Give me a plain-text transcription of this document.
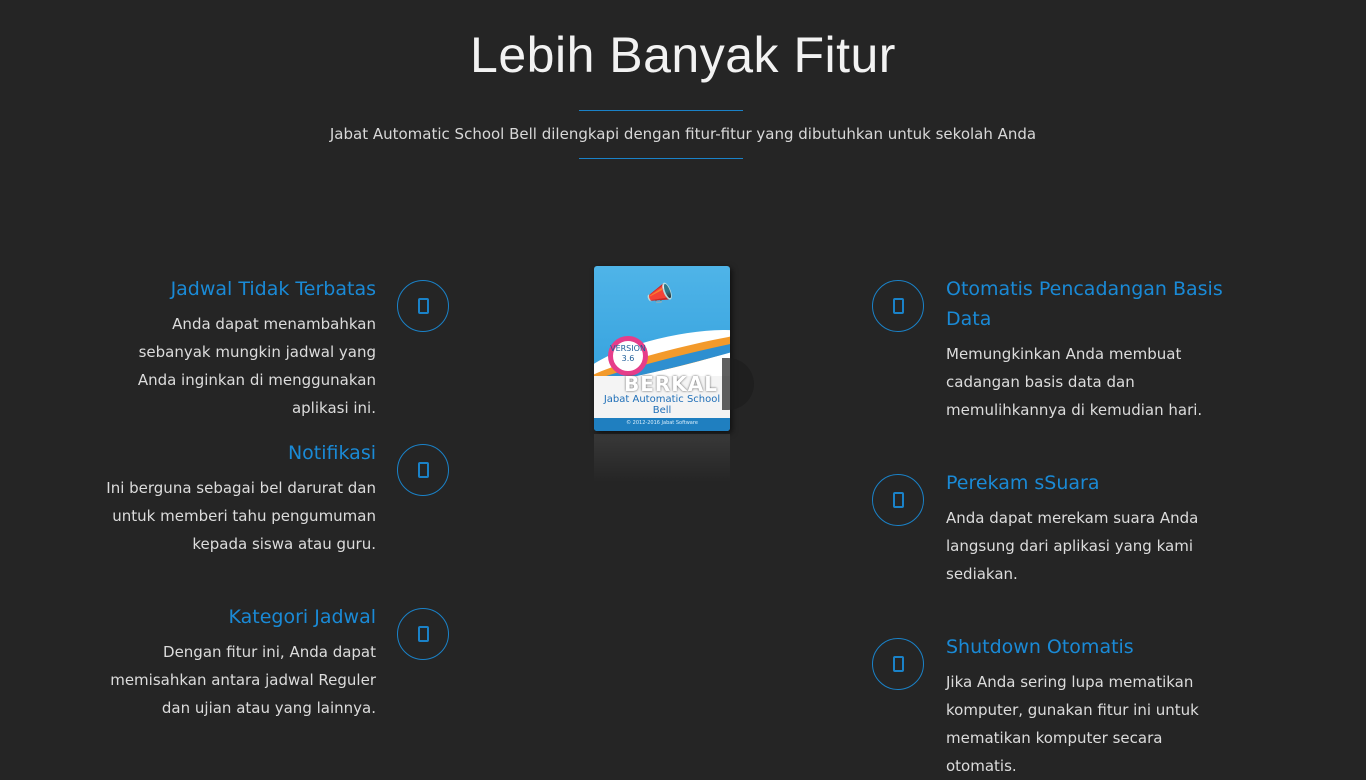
Lebih Banyak Fitur

Jabat Automatic School Bell dilengkapi dengan fitur-fitur yang dibutuhkan untuk sekolah Anda

Jadwal Tidak Terbatas

Anda dapat menambahkan sebanyak mungkin jadwal yang Anda inginkan di menggunakan aplikasi ini.

Notifikasi

Ini berguna sebagai bel darurat dan untuk memberi tahu pengumuman kepada siswa atau guru.

Kategori Jadwal

Dengan fitur ini, Anda dapat memisahkan antara jadwal Reguler dan ujian atau yang lainnya.

📣
VERSION
3.6
BERKAL
Jabat Automatic School Bell
© 2012-2016 Jabat Software
Otomatis Pencadangan Basis Data

Memungkinkan Anda membuat cadangan basis data dan memulihkannya di kemudian hari.

Perekam sSuara

Anda dapat merekam suara Anda langsung dari aplikasi yang kami sediakan.

Shutdown Otomatis

Jika Anda sering lupa mematikan komputer, gunakan fitur ini untuk mematikan komputer secara otomatis.
